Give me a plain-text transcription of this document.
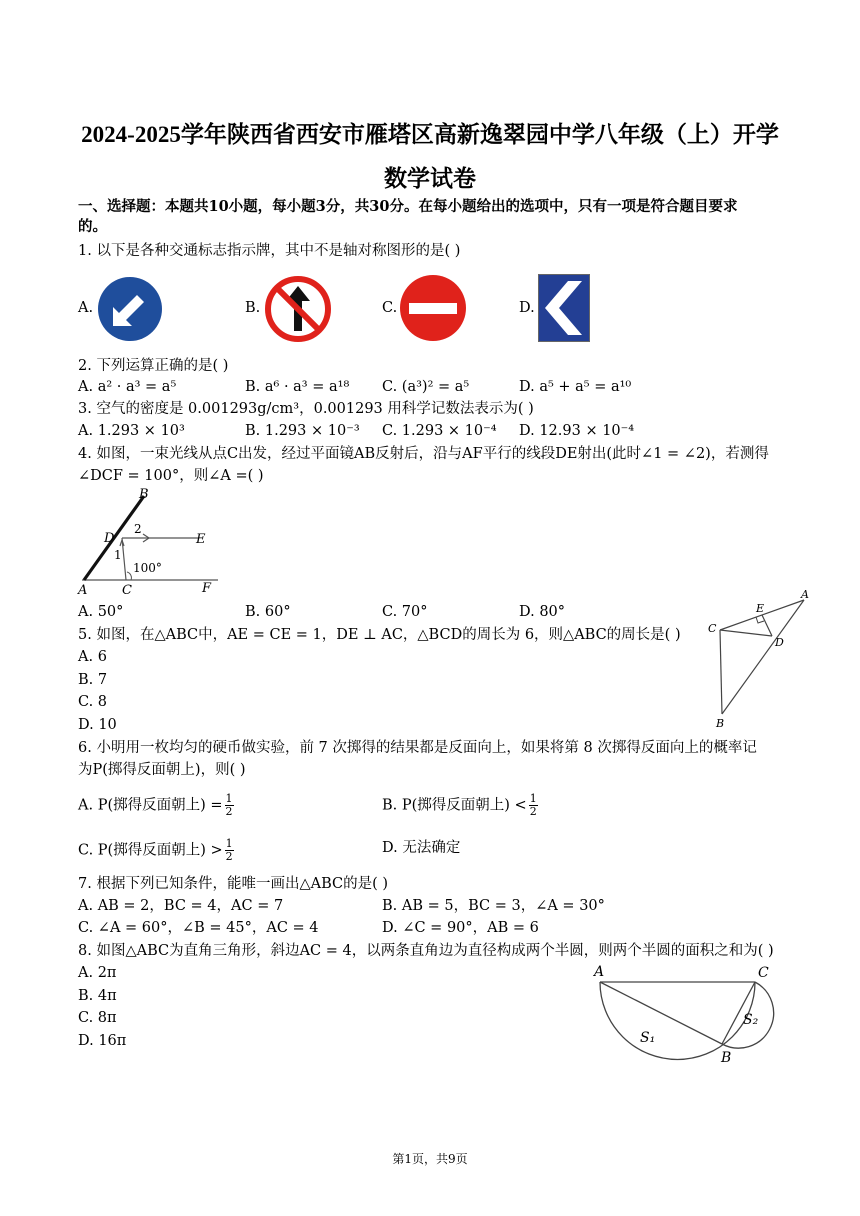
2024-2025学年陕西省西安市雁塔区高新逸翠园中学八年级（上）开学
数学试卷
一、选择题：本题共10小题，每小题3分，共30分。在每小题给出的选项中，只有一项是符合题目要求
的。
1. 以下是各种交通标志指示牌，其中不是轴对称图形的是( )
A.	B.	C.	D.
2. 下列运算正确的是( )
A. a² · a³ = a⁵	B. a⁶ · a³ = a¹⁸ C. (a³)² = a⁵	D. a⁵ + a⁵ = a¹⁰
3. 空气的密度是 0.001293g/cm³，0.001293 用科学记数法表示为( )
A. 1.293 × 10³	B. 1.293 × 10⁻³ C. 1.293 × 10⁻⁴ D. 12.93 × 10⁻⁴
4. 如图，一束光线从点C出发，经过平面镜AB反射后，沿与AF平行的线段DE射出(此时∠1 = ∠2)，若测得
∠DCF = 100°，则∠A =( )
B
D
2
1
E
100°
A	C	F
A. 50°	B. 60°	C. 70°	D. 80°
5. 如图，在△ABC中，AE = CE = 1，DE ⊥ AC，△BCD的周长为 6，则△ABC的周长是( )
E
A
C
D
B
A. 6
B. 7
C. 8
D. 10
6. 小明用一枚均匀的硬币做实验，前 7 次掷得的结果都是反面向上，如果将第 8 次掷得反面向上的概率记
为P(掷得反面朝上)，则( )
A. P(掷得反面朝上) = $\frac{1}{2}$	B. P(掷得反面朝上) < $\frac{1}{2}$
C. P(掷得反面朝上) > $\frac{1}{2}$	D. 无法确定
7. 根据下列已知条件，能唯一画出△ABC的是( )
A. AB = 2，BC = 4，AC = 7	B. AB = 5，BC = 3，∠A = 30°
C. ∠A = 60°，∠B = 45°，AC = 4	D. ∠C = 90°，AB = 6
8. 如图△ABC为直角三角形，斜边AC = 4，以两条直角边为直径构成两个半圆，则两个半圆的面积之和为( )
A. 2π
B. 4π
C. 8π
D. 16π
A	C
S₁
S₂
B
第1页，共9页
